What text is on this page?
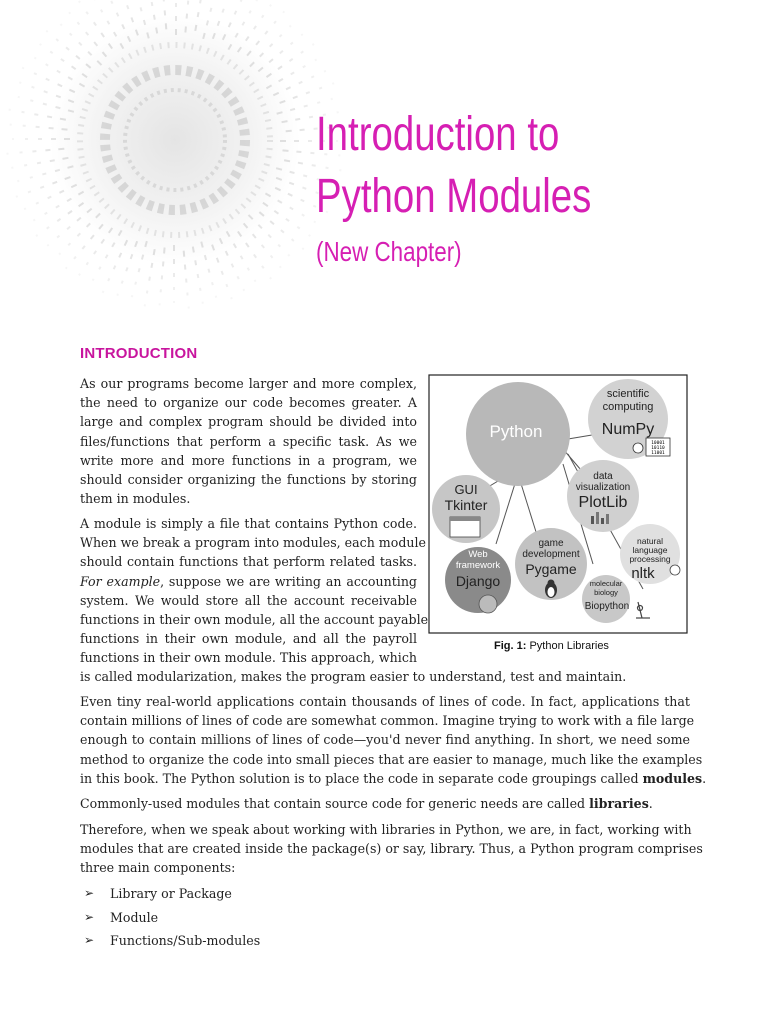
Introduction to
Python Modules
(New Chapter)
INTRODUCTION
As our programs become larger and more complex,
the need to organize our code becomes greater. A
large and complex program should be divided into
files/functions that perform a specific task. As we
write more and more functions in a program, we
should consider organizing the functions by storing
them in modules.
A module is simply a file that contains Python code.
When we break a program into modules, each module
should contain functions that perform related tasks.
For example, suppose we are writing an accounting
system. We would store all the account receivable
functions in their own module, all the account payable
functions in their own module, and all the payroll
functions in their own module. This approach, which
is called modularization, makes the program easier to understand, test and maintain.
Even tiny real-world applications contain thousands of lines of code. In fact, applications that
contain millions of lines of code are somewhat common. Imagine trying to work with a file large
enough to contain millions of lines of code—you'd never find anything. In short, we need some
method to organize the code into small pieces that are easier to manage, much like the examples
in this book. The Python solution is to place the code in separate code groupings called modules.
Commonly-used modules that contain source code for generic needs are called libraries.
Therefore, when we speak about working with libraries in Python, we are, in fact, working with
modules that are created inside the package(s) or say, library. Thus, a Python program comprises
three main components:
➢	Library or Package
➢	Module
➢	Functions/Sub-modules
scientific
computing
NumPy
10001
10110
11001
Python
data
visualization
PlotLib
GUI
Tkinter
natural
language
processing
nltk
game
development
Pygame
Web
framework
Django	molecular
biology
Biopython
Fig. 1: Python Libraries
